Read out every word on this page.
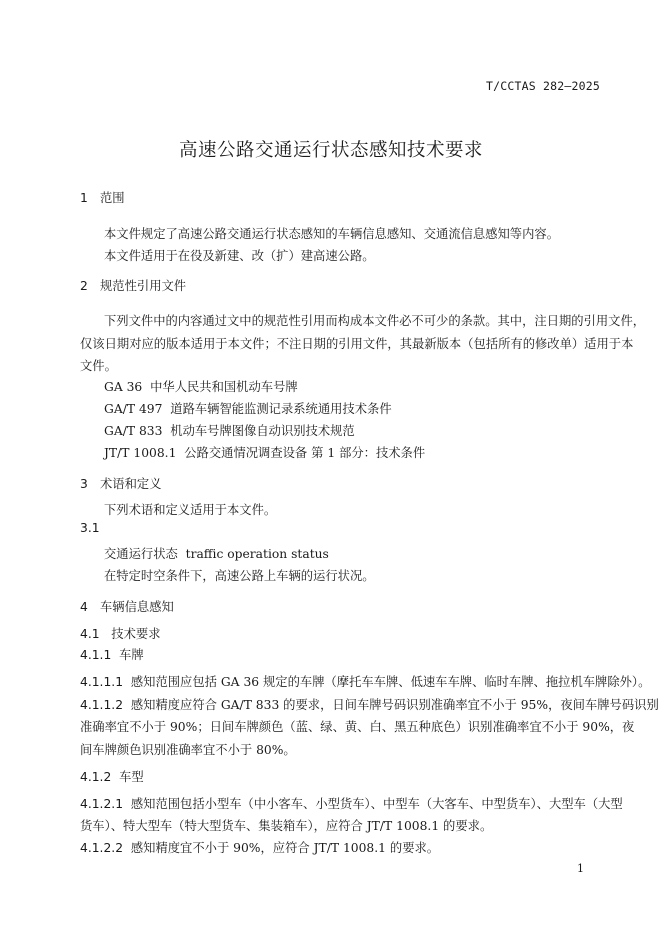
T/CCTAS 282—2025
高速公路交通运行状态感知技术要求
1 范围
本文件规定了高速公路交通运行状态感知的车辆信息感知、交通流信息感知等内容。
本文件适用于在役及新建、改（扩）建高速公路。
2 规范性引用文件
下列文件中的内容通过文中的规范性引用而构成本文件必不可少的条款。其中，注日期的引用文件，
仅该日期对应的版本适用于本文件；不注日期的引用文件，其最新版本（包括所有的修改单）适用于本
文件。
GA 36 中华人民共和国机动车号牌
GA/T 497 道路车辆智能监测记录系统通用技术条件
GA/T 833 机动车号牌图像自动识别技术规范
JT/T 1008.1 公路交通情况调查设备 第 1 部分：技术条件
3 术语和定义
下列术语和定义适用于本文件。
3.1
交通运行状态 traffic operation status
在特定时空条件下，高速公路上车辆的运行状况。
4 车辆信息感知
4.1 技术要求
4.1.1 车牌
4.1.1.1 感知范围应包括 GA 36 规定的车牌（摩托车车牌、低速车车牌、临时车牌、拖拉机车牌除外）。
4.1.1.2 感知精度应符合 GA/T 833 的要求，日间车牌号码识别准确率宜不小于 95%，夜间车牌号码识别
准确率宜不小于 90%；日间车牌颜色（蓝、绿、黄、白、黑五种底色）识别准确率宜不小于 90%，夜
间车牌颜色识别准确率宜不小于 80%。
4.1.2 车型
4.1.2.1 感知范围包括小型车（中小客车、小型货车）、中型车（大客车、中型货车）、大型车（大型
货车）、特大型车（特大型货车、集装箱车），应符合 JT/T 1008.1 的要求。
4.1.2.2 感知精度宜不小于 90%，应符合 JT/T 1008.1 的要求。
1
